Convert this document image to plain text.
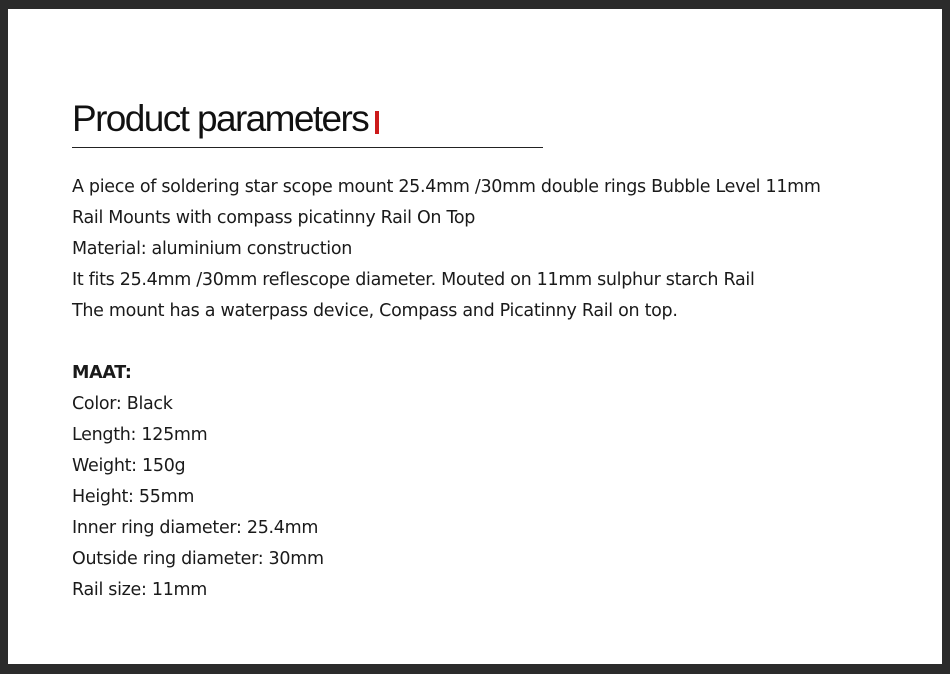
Product parameters
A piece of soldering star scope mount 25.4mm /30mm double rings Bubble Level 11mm
Rail Mounts with compass picatinny Rail On Top
Material: aluminium construction
It fits 25.4mm /30mm reflescope diameter. Mouted on 11mm sulphur starch Rail
The mount has a waterpass device, Compass and Picatinny Rail on top.
MAAT:
Color: Black
Length: 125mm
Weight: 150g
Height: 55mm
Inner ring diameter: 25.4mm
Outside ring diameter: 30mm
Rail size: 11mm
